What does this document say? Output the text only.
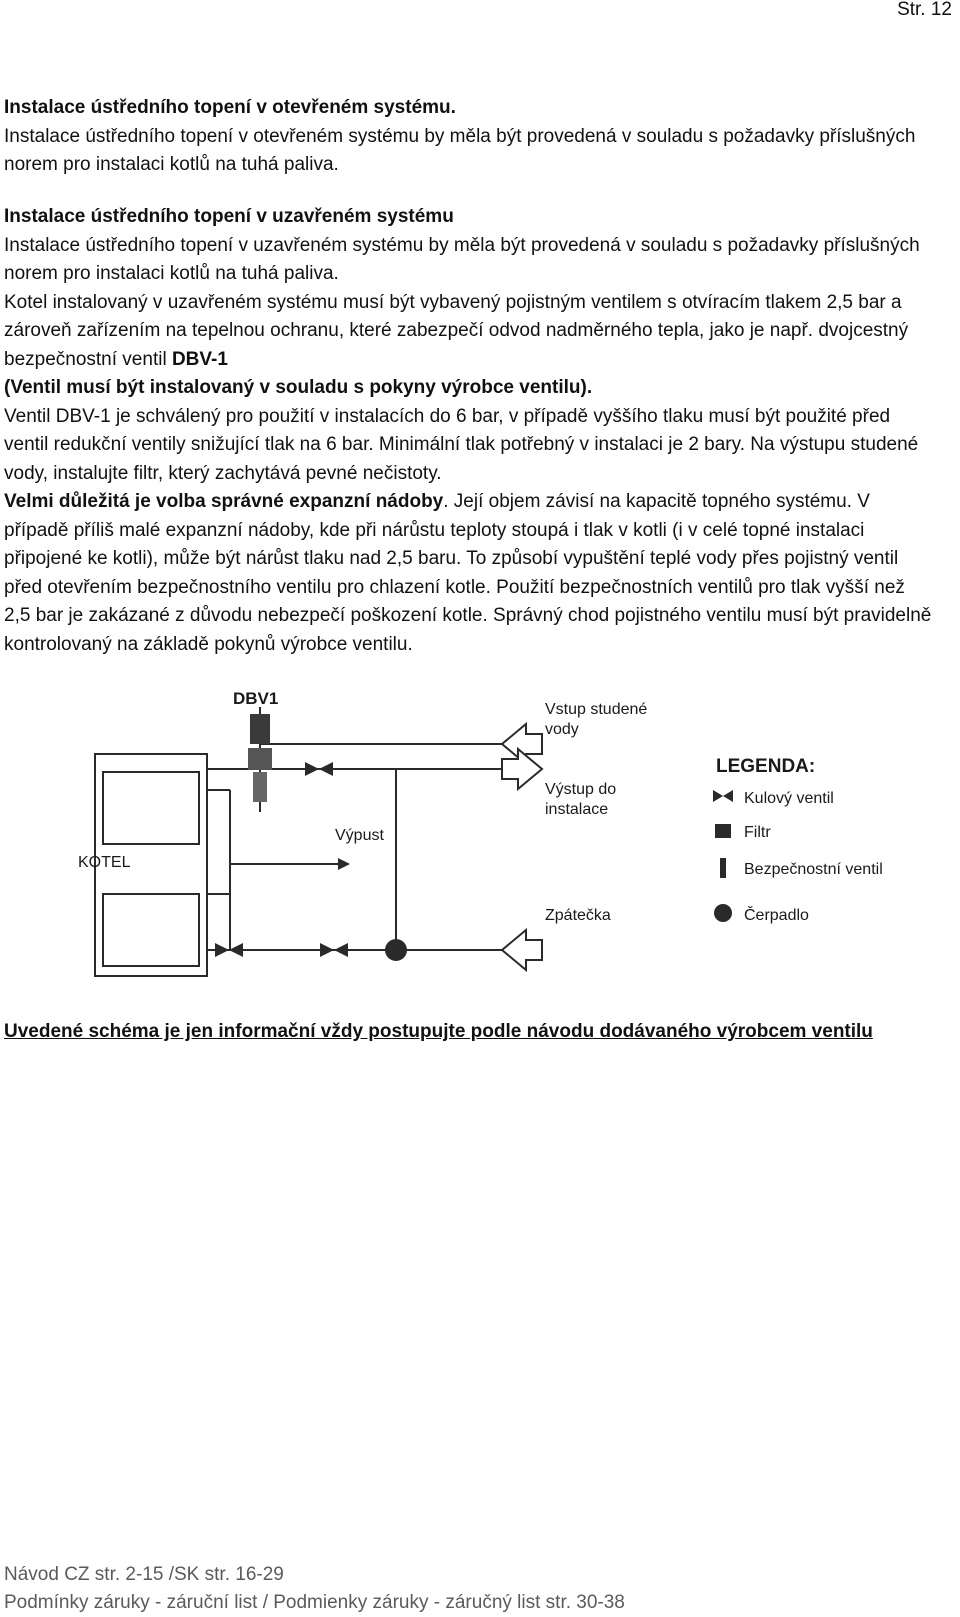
Str. 12

Instalace ústředního topení v otevřeném systému.

Instalace ústředního topení v otevřeném systému by měla být provedená v souladu s požadavky příslušných norem pro instalaci kotlů na tuhá paliva.

Instalace ústředního topení v uzavřeném systému

Instalace ústředního topení v uzavřeném systému by měla být provedená v souladu s požadavky příslušných norem pro instalaci kotlů na tuhá paliva.

Kotel instalovaný v uzavřeném systému musí být vybavený pojistným ventilem s otvíracím tlakem 2,5 bar a zároveň zařízením na tepelnou ochranu, které zabezpečí odvod nadměrného tepla, jako je např. dvojcestný bezpečnostní ventil DBV-1

(Ventil musí být instalovaný v souladu s pokyny výrobce ventilu).

Ventil DBV-1 je schválený pro použití v instalacích do 6 bar, v případě vyššího tlaku musí být použité před ventil redukční ventily snižující tlak na 6 bar. Minimální tlak potřebný v instalaci je 2 bary. Na výstupu studené vody, instalujte filtr, který zachytává pevné nečistoty.

Velmi důležitá je volba správné expanzní nádoby. Její objem závisí na kapacitě topného systému. V případě příliš malé expanzní nádoby, kde při nárůstu teploty stoupá i tlak v kotli (i v celé topné instalaci připojené ke kotli), může být nárůst tlaku nad 2,5 baru. To způsobí vypuštění teplé vody přes pojistný ventil před otevřením bezpečnostního ventilu pro chlazení kotle. Použití bezpečnostních ventilů pro tlak vyšší než 2,5 bar je zakázané z důvodu nebezpečí poškození kotle. Správný chod pojistného ventilu musí být pravidelně kontrolovaný na základě pokynů výrobce ventilu.

DBV1
KOTEL
Vstup studené
vody
Výstup do
instalace
Výpust
Zpátečka
LEGENDA:
Kulový ventil
Filtr
Bezpečnostní ventil
Čerpadlo
Uvedené schéma je jen informační vždy postupujte podle návodu dodávaného výrobcem ventilu
Návod CZ str. 2-15 /SK str. 16-29
Podmínky záruky - záruční list / Podmienky záruky - záručný list str. 30-38
